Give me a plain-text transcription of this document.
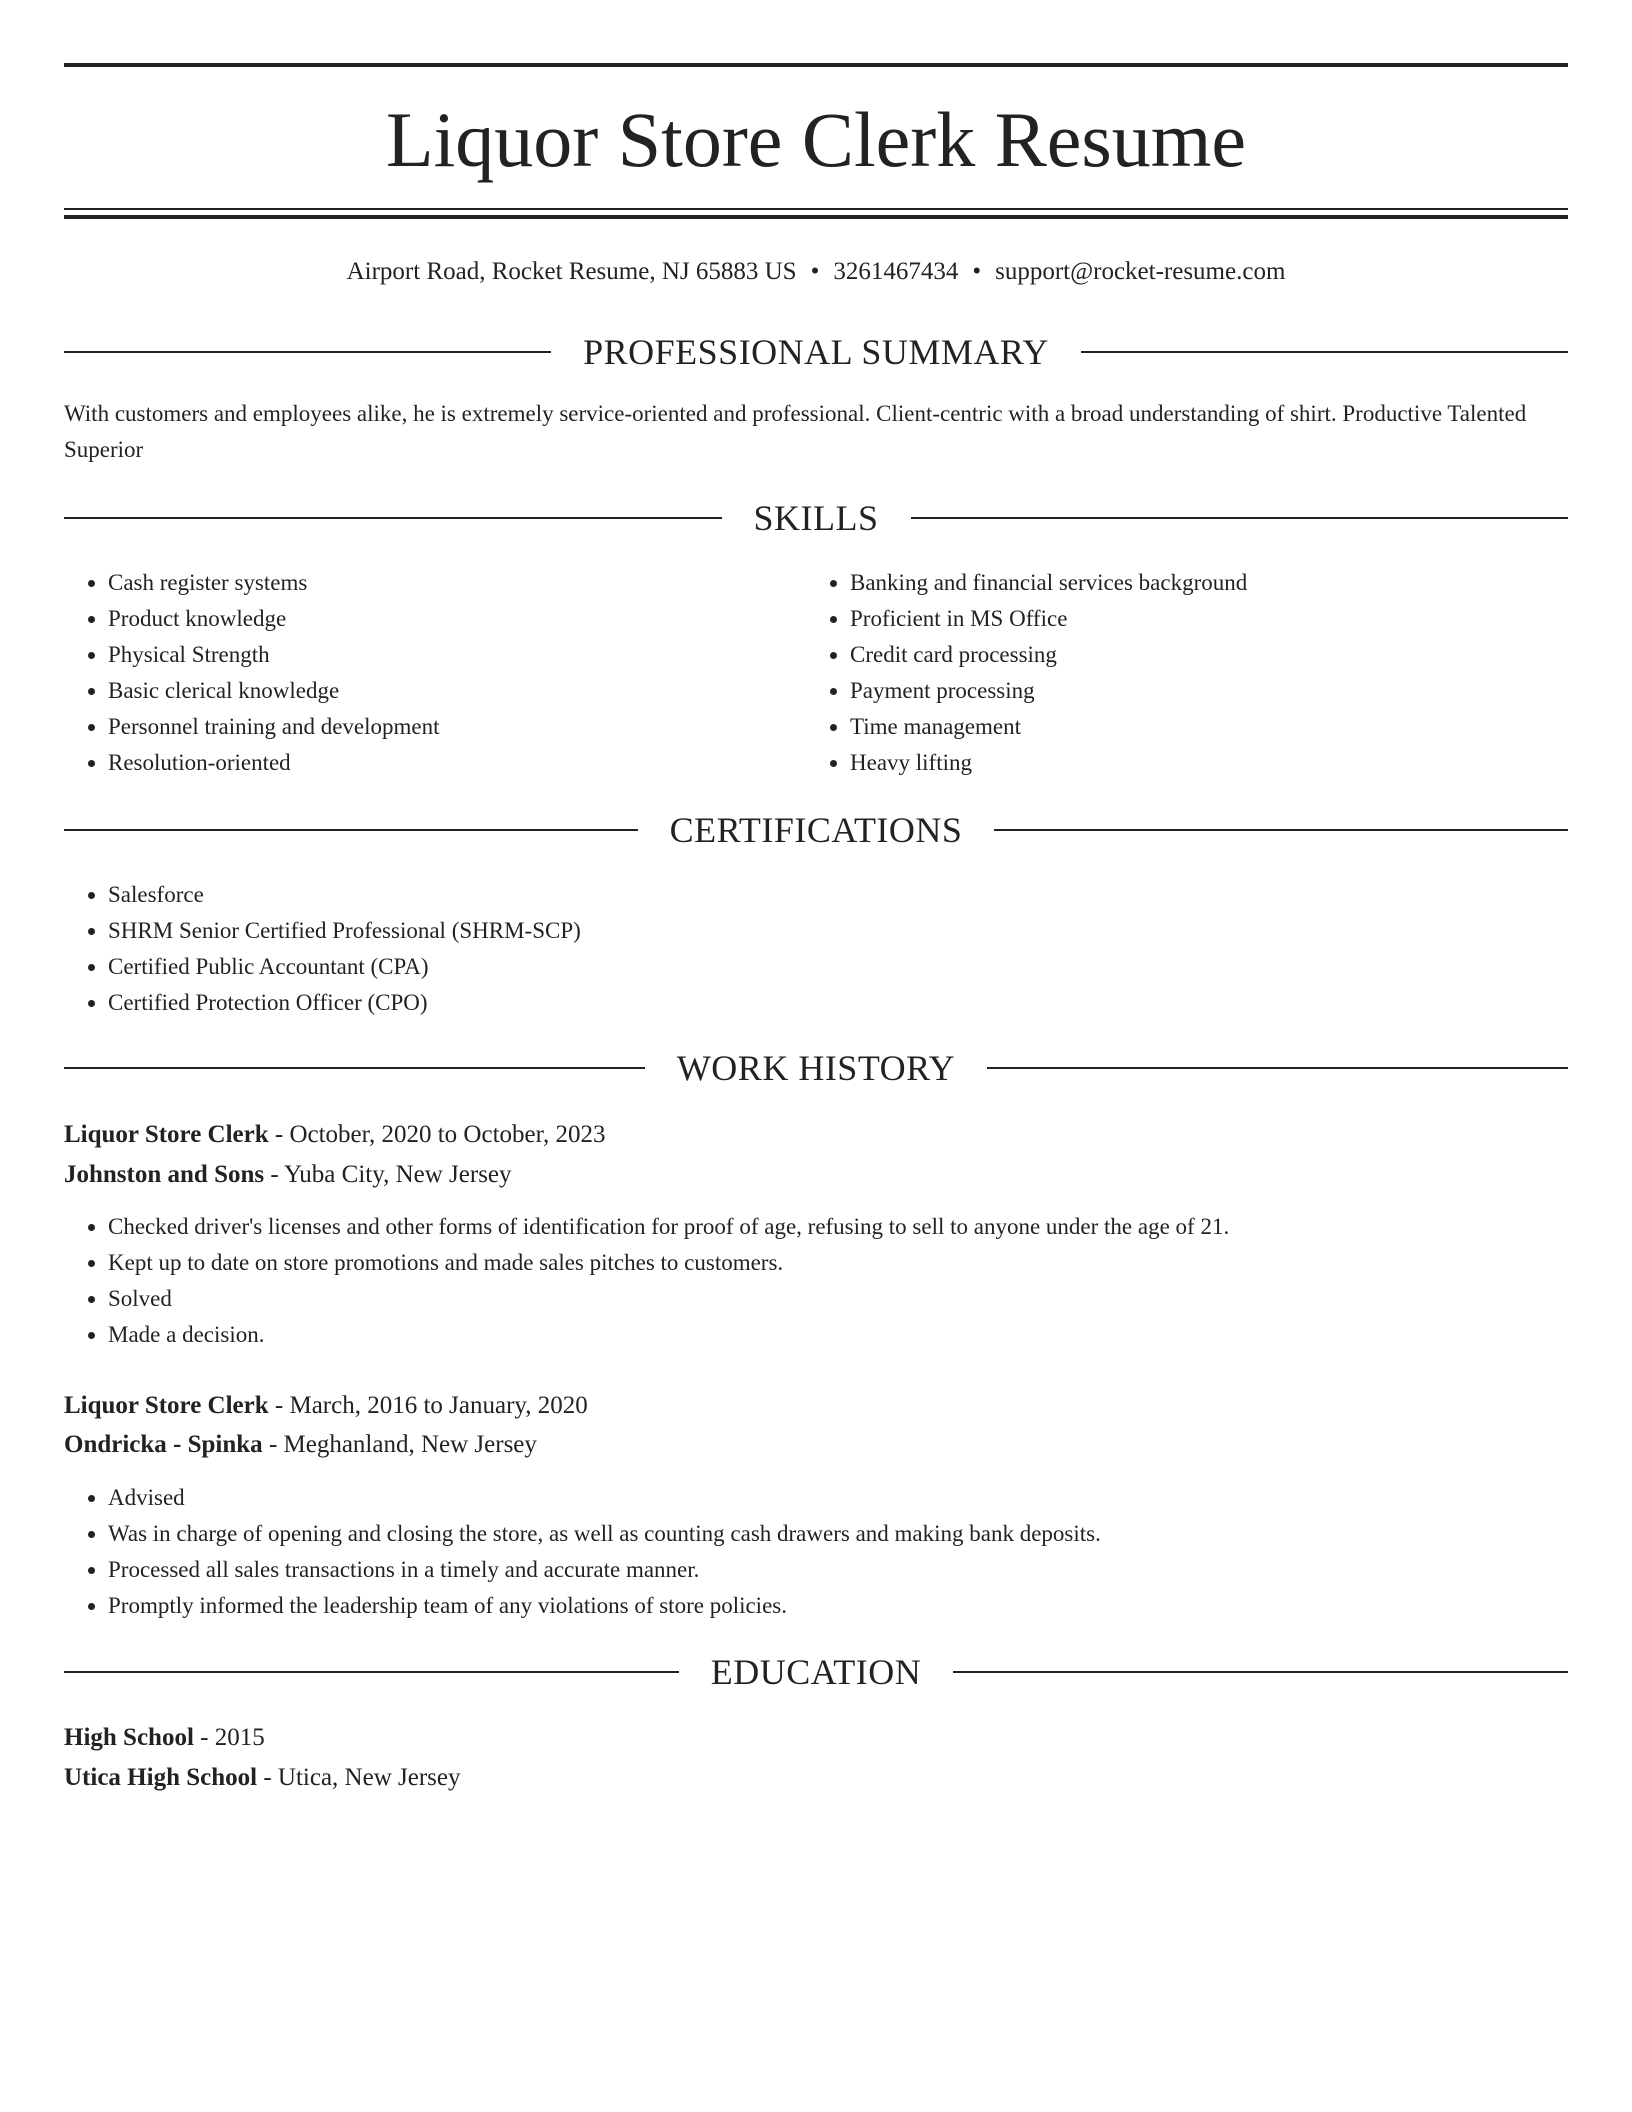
Liquor Store Clerk Resume
Airport Road, Rocket Resume, NJ 65883 US • 3261467434 • support@rocket-resume.com
PROFESSIONAL SUMMARY

With customers and employees alike, he is extremely service-oriented and professional. Client-centric with a broad understanding of shirt. Productive Talented Superior

SKILLS
• Cash register systems
• Product knowledge
• Physical Strength
• Basic clerical knowledge
• Personnel training and development
• Resolution-oriented
• Banking and financial services background
• Proficient in MS Office
• Credit card processing
• Payment processing
• Time management
• Heavy lifting
CERTIFICATIONS
• Salesforce
• SHRM Senior Certified Professional (SHRM-SCP)
• Certified Public Accountant (CPA)
• Certified Protection Officer (CPO)
WORK HISTORY
Liquor Store Clerk - October, 2020 to October, 2023
Johnston and Sons - Yuba City, New Jersey
• Checked driver's licenses and other forms of identification for proof of age, refusing to sell to anyone under the age of 21.
• Kept up to date on store promotions and made sales pitches to customers.
• Solved
• Made a decision.
Liquor Store Clerk - March, 2016 to January, 2020
Ondricka - Spinka - Meghanland, New Jersey
• Advised
• Was in charge of opening and closing the store, as well as counting cash drawers and making bank deposits.
• Processed all sales transactions in a timely and accurate manner.
• Promptly informed the leadership team of any violations of store policies.
EDUCATION
High School - 2015
Utica High School - Utica, New Jersey
